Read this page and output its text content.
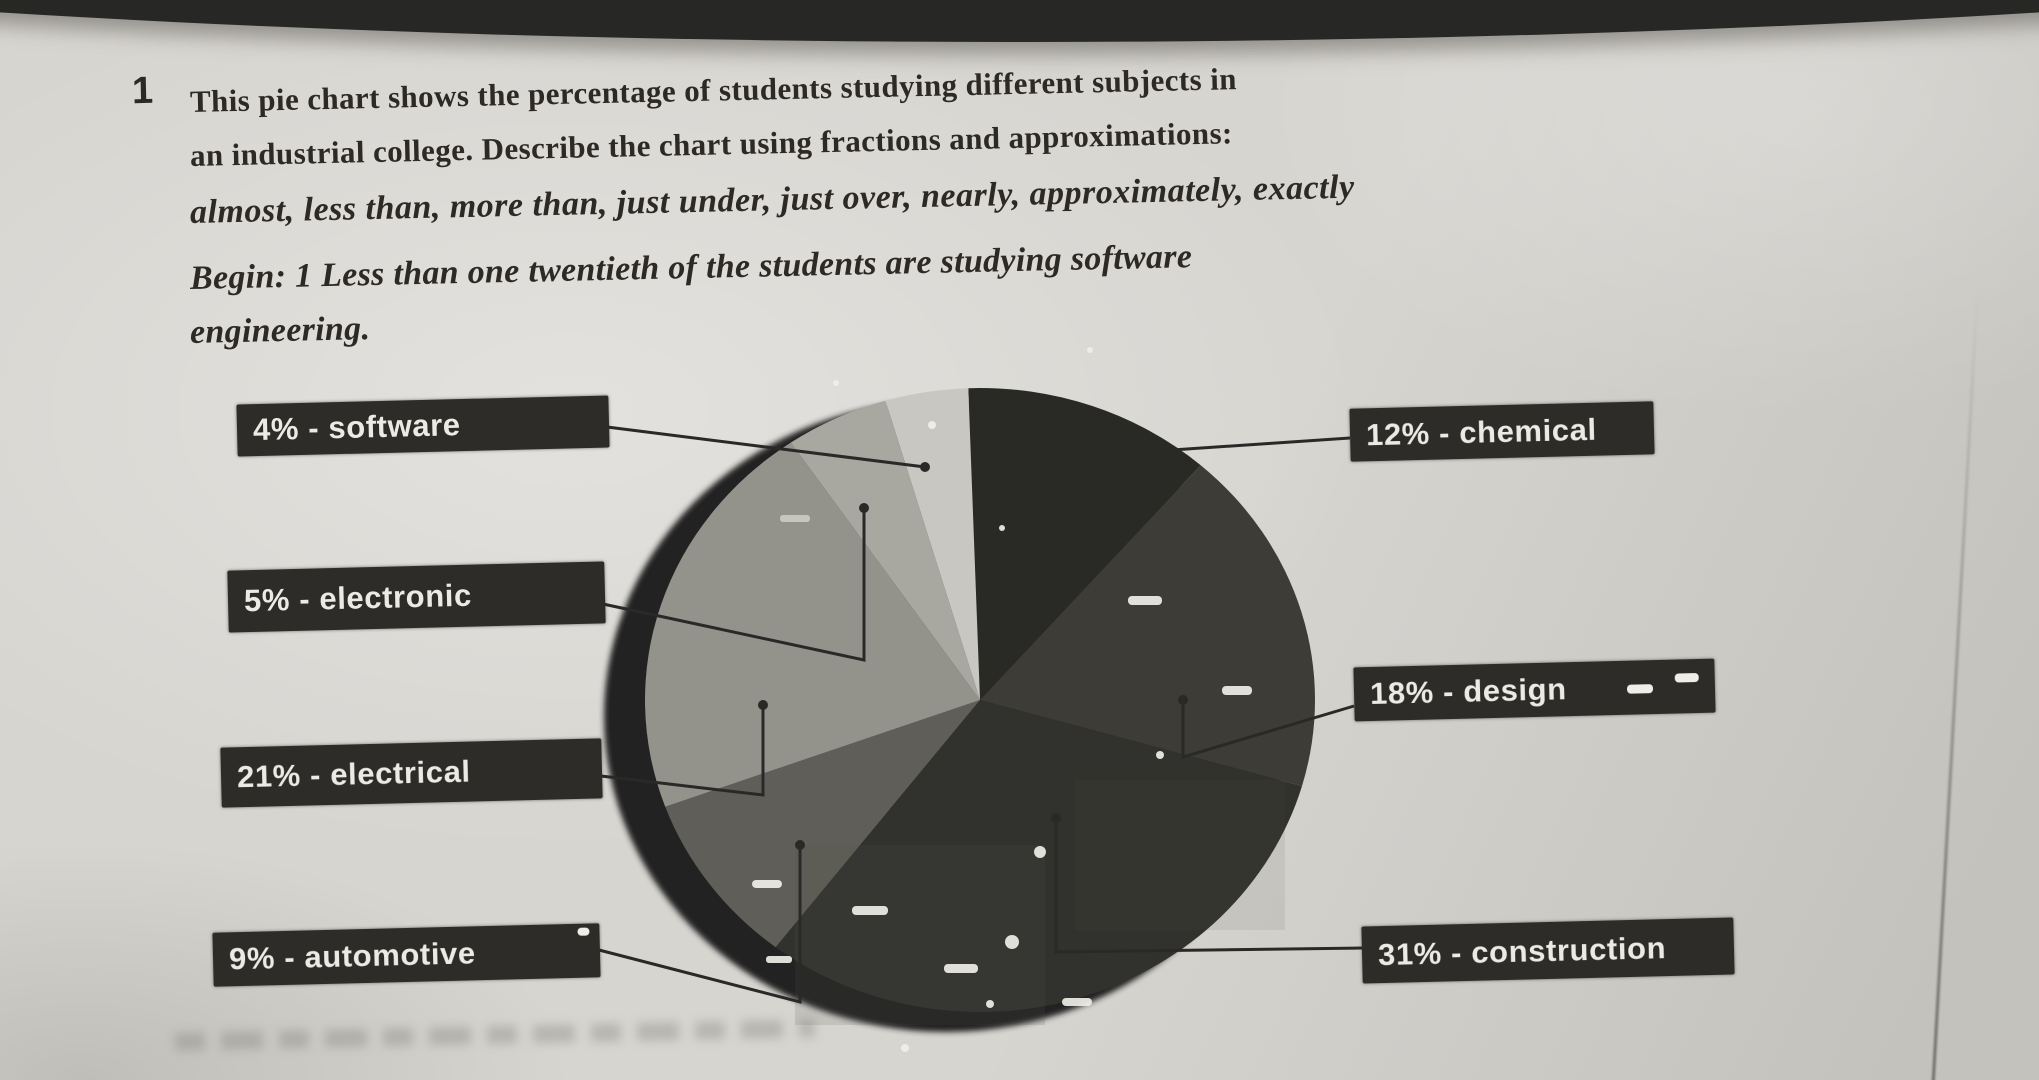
1 This pie chart shows the percentage of students studying different subjects in
an industrial college. Describe the chart using fractions and approximations:
almost, less than, more than, just under, just over, nearly, approximately, exactly
Begin: 1 Less than one twentieth of the students are studying software
engineering.
4% - software
5% - electronic
21% - electrical
9% - automotive
12% - chemical
18% - design
31% - construction
